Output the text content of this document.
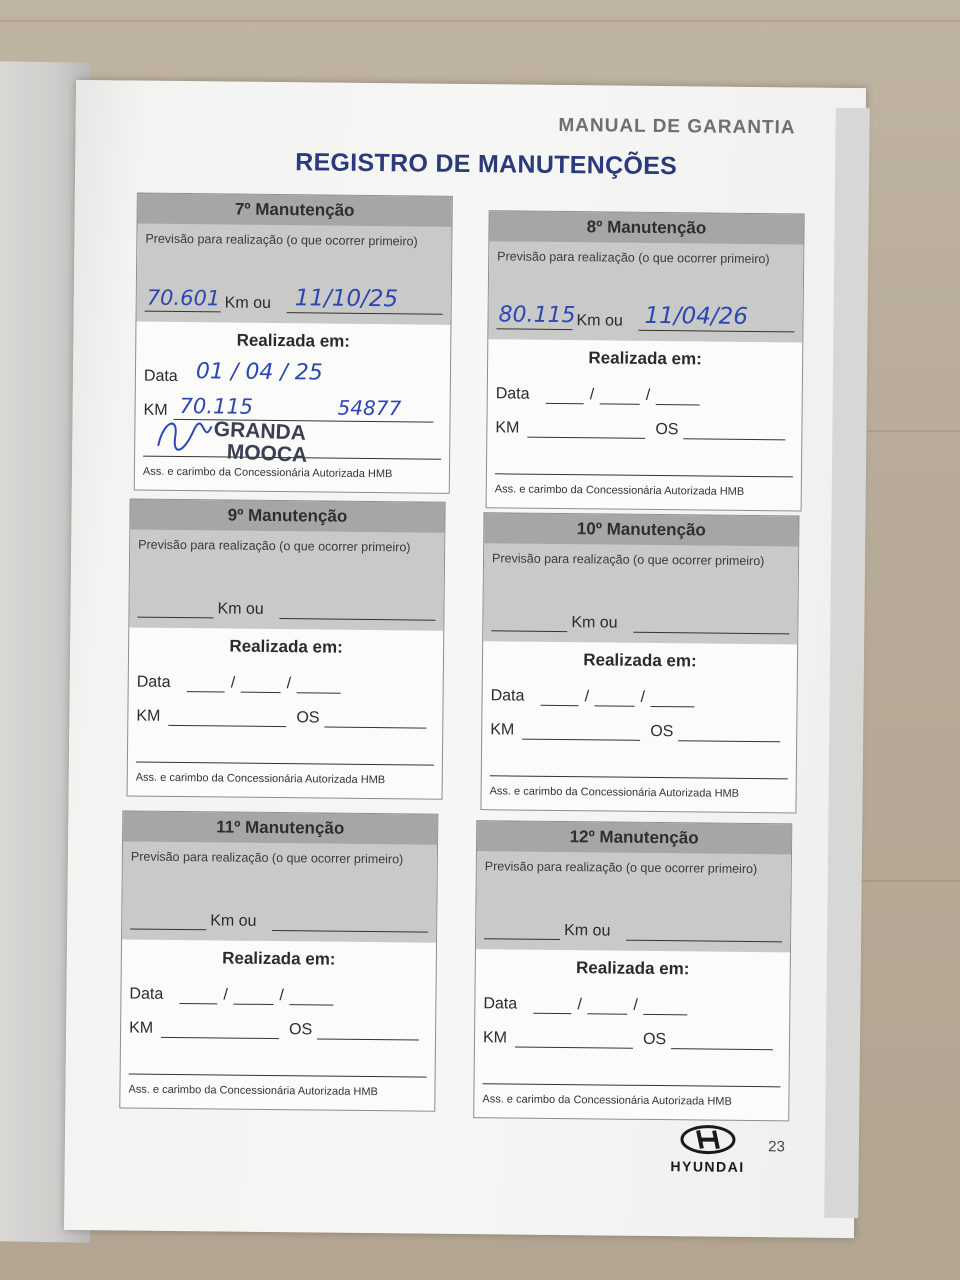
MANUAL DE GARANTIA
REGISTRO DE MANUTENÇÕES
7º Manutenção
Previsão para realização (o que ocorrer primeiro)
Km ou
70.601	11/10/25
Realizada em:
Data 01 / 04 / 25
KM 70.115	54877
GRANDA
MOOCA
Ass. e carimbo da Concessionária Autorizada HMB
8º Manutenção
Previsão para realização (o que ocorrer primeiro)
Km ou
80.115	11/04/26
Realizada em:
Data	/	/
KM	OS
Ass. e carimbo da Concessionária Autorizada HMB
9º Manutenção
Previsão para realização (o que ocorrer primeiro)
Km ou
Realizada em:
Data	/	/
KM	OS
Ass. e carimbo da Concessionária Autorizada HMB
10º Manutenção
Previsão para realização (o que ocorrer primeiro)
Km ou
Realizada em:
Data	/	/
KM	OS
Ass. e carimbo da Concessionária Autorizada HMB
11º Manutenção
Previsão para realização (o que ocorrer primeiro)
Km ou
Realizada em:
Data	/	/
KM	OS
Ass. e carimbo da Concessionária Autorizada HMB
12º Manutenção
Previsão para realização (o que ocorrer primeiro)
Km ou
Realizada em:
Data	/	/
KM	OS
Ass. e carimbo da Concessionária Autorizada HMB
HYUNDAI
23
